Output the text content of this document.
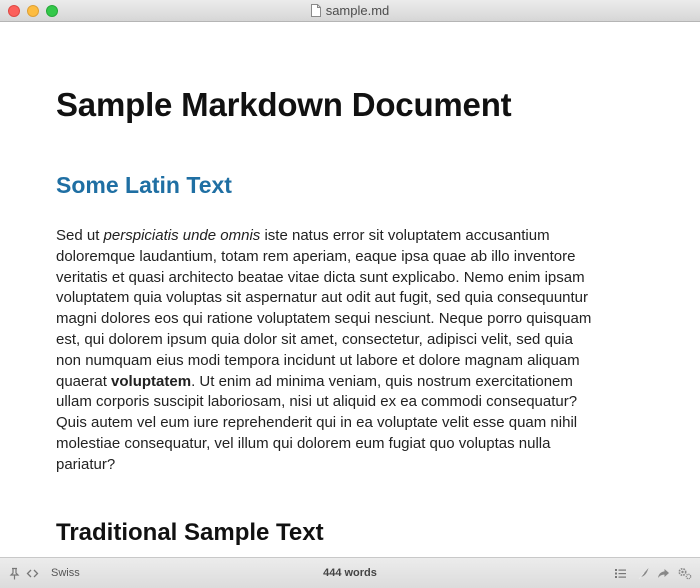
sample.md
Sample Markdown Document
Some Latin Text

Sed ut perspiciatis unde omnis iste natus error sit voluptatem accusantium
doloremque laudantium, totam rem aperiam, eaque ipsa quae ab illo inventore
veritatis et quasi architecto beatae vitae dicta sunt explicabo. Nemo enim ipsam
voluptatem quia voluptas sit aspernatur aut odit aut fugit, sed quia consequuntur
magni dolores eos qui ratione voluptatem sequi nesciunt. Neque porro quisquam
est, qui dolorem ipsum quia dolor sit amet, consectetur, adipisci velit, sed quia
non numquam eius modi tempora incidunt ut labore et dolore magnam aliquam
quaerat voluptatem. Ut enim ad minima veniam, quis nostrum exercitationem
ullam corporis suscipit laboriosam, nisi ut aliquid ex ea commodi consequatur?
Quis autem vel eum iure reprehenderit qui in ea voluptate velit esse quam nihil
molestiae consequatur, vel illum qui dolorem eum fugiat quo voluptas nulla
pariatur?

Traditional Sample Text
Swiss	444 words
